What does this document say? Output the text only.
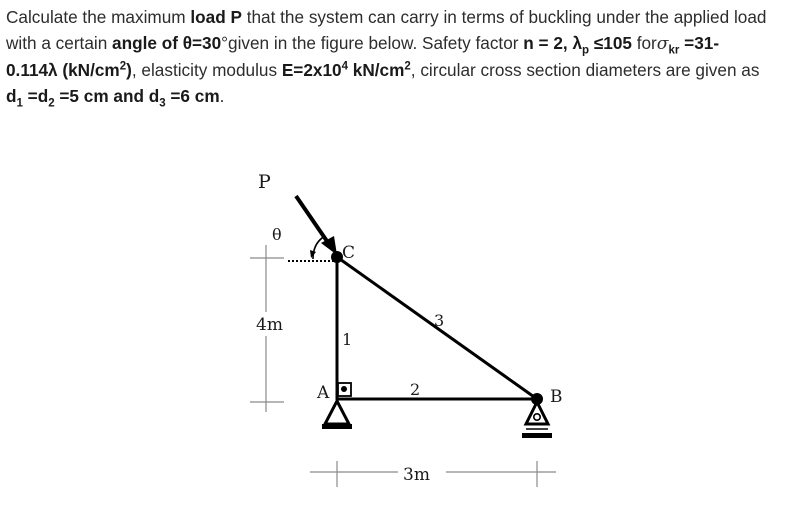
Calculate the maximum load P that the system can carry in terms of buckling under the applied load
with a certain angle of θ=30°given in the figure below. Safety factor n = 2, $\lambda_p \le 105$ forσ$_{kr}$ =31-
0.114λ $(kN/cm^2)$, elasticity modulus $E=2x10^4$ $kN/cm^2$, circular cross section diameters are given as
$d_1 =d_2 =5$ cm and $d_3 =6$ cm.
P
θ
C
1
2
3
A	B
4m
3m
